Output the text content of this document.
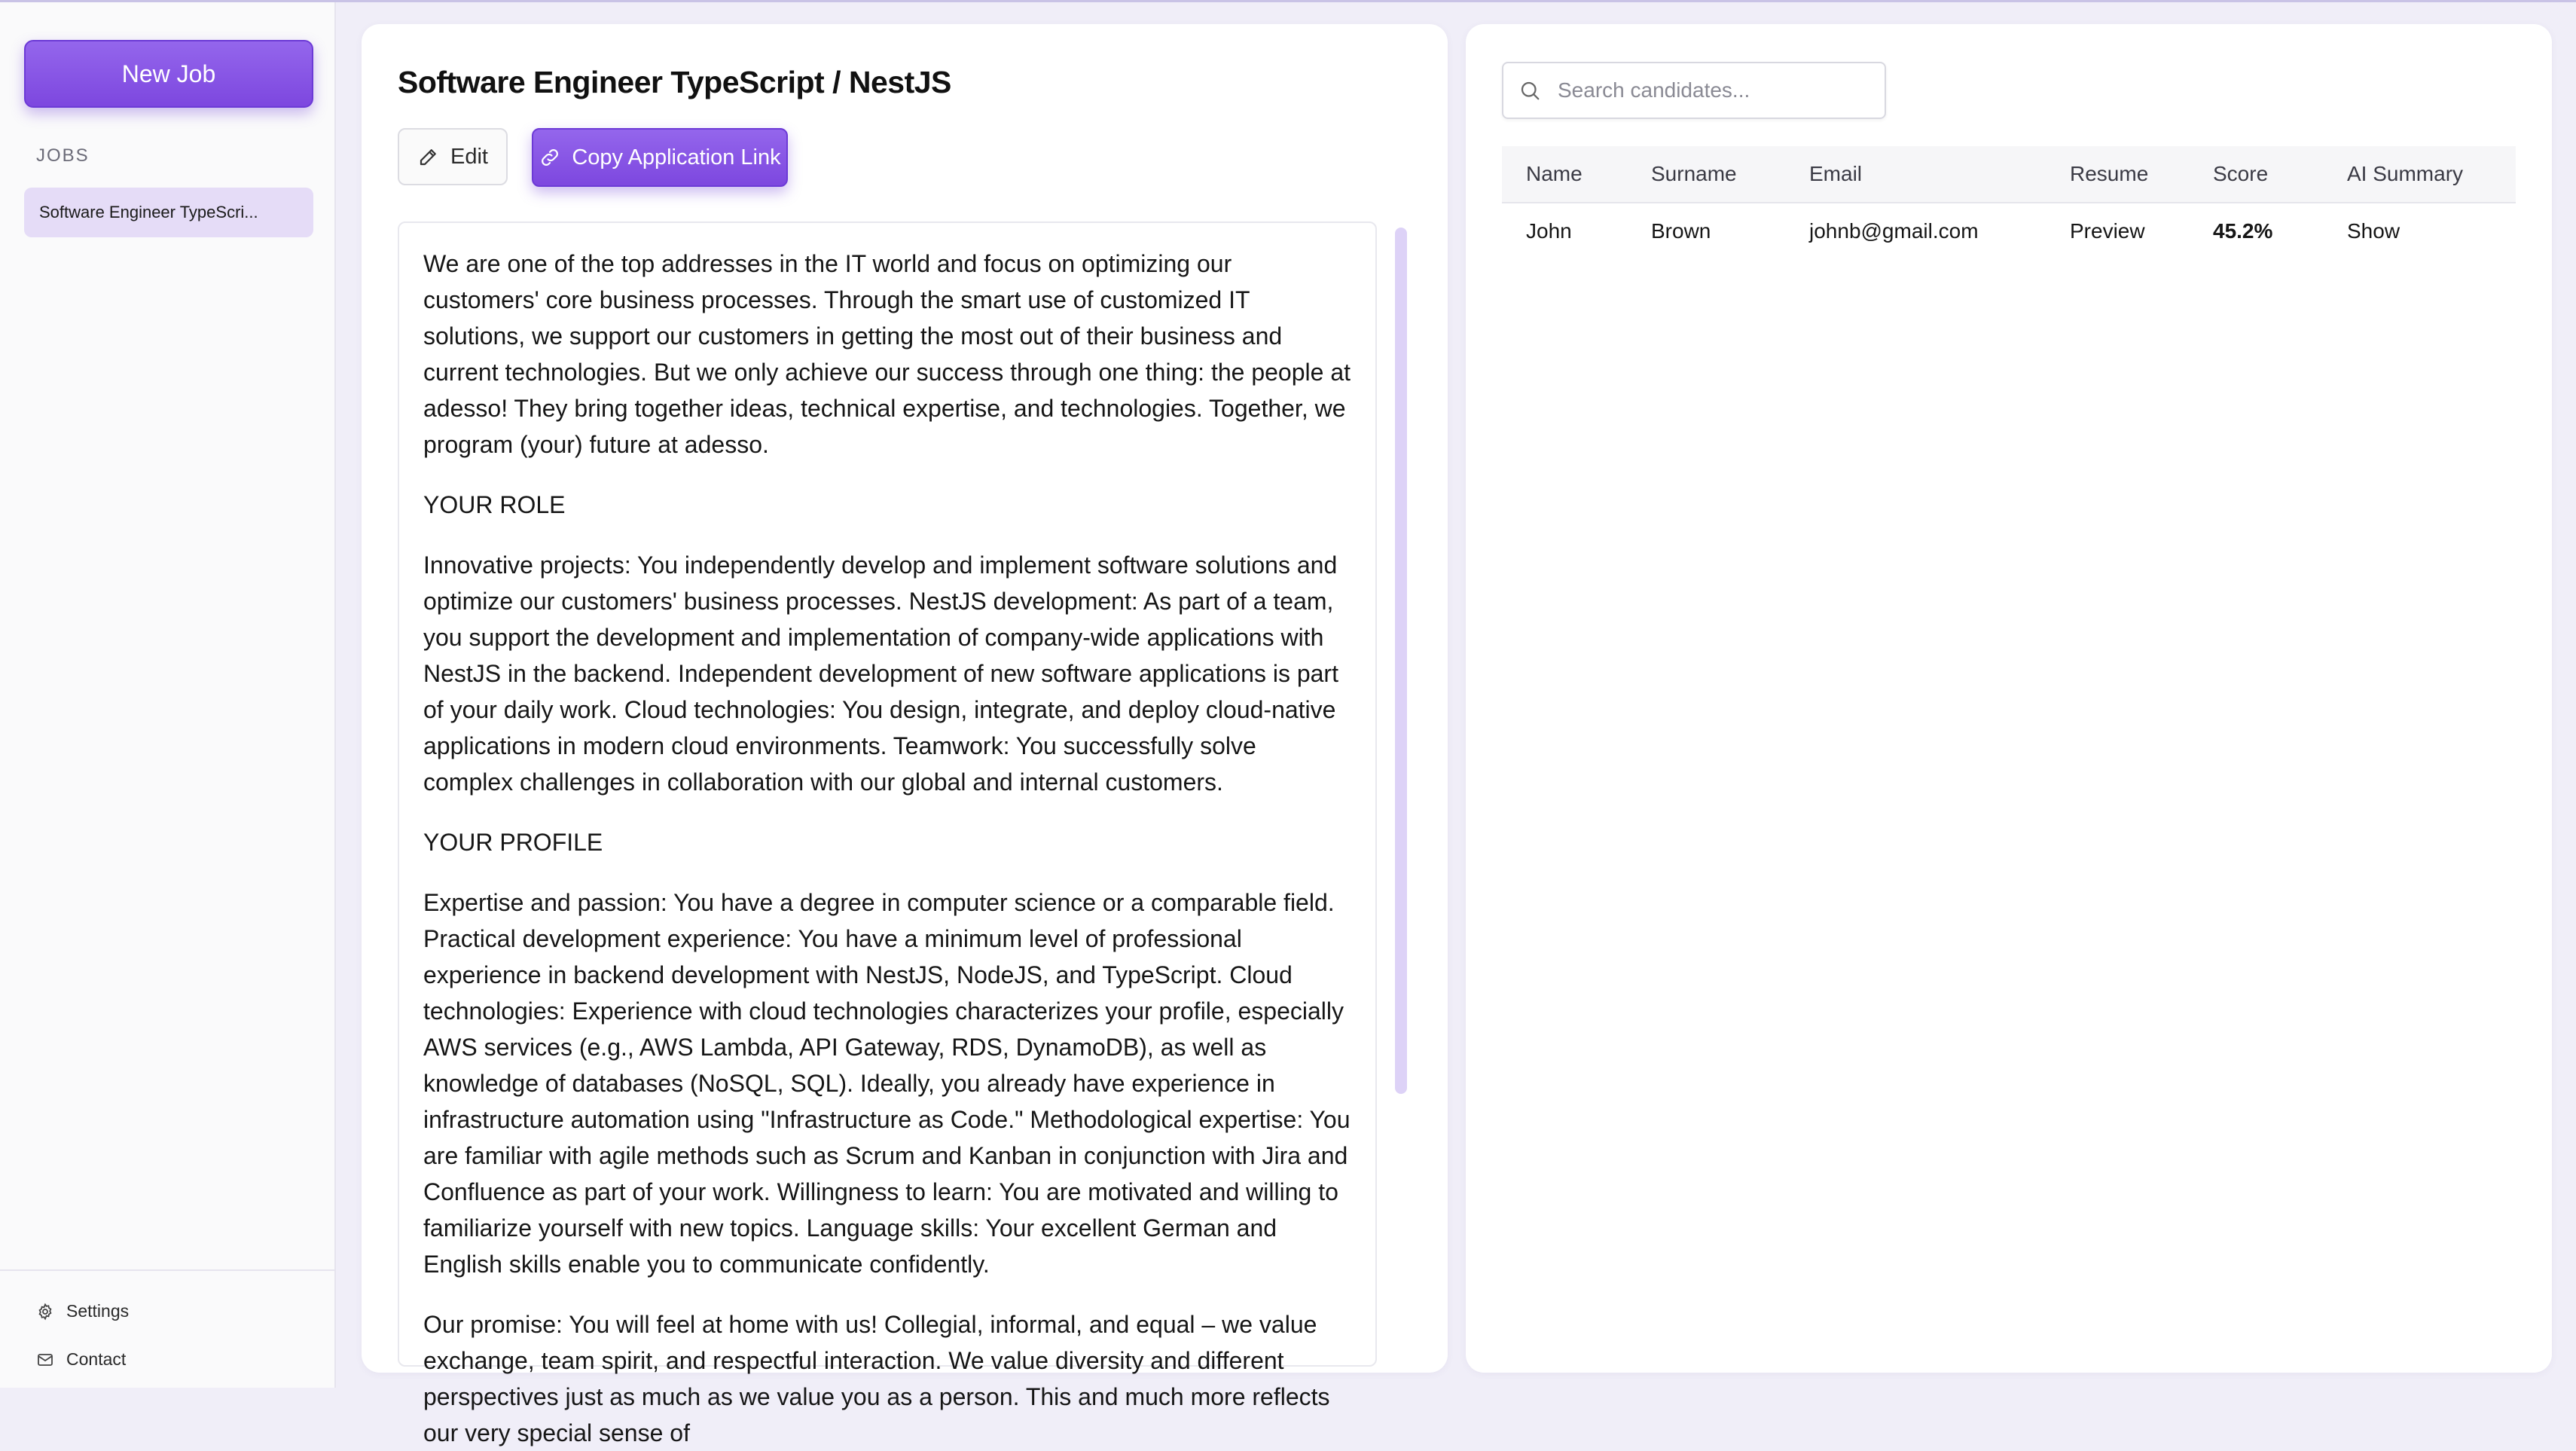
New Job
JOBS
Software Engineer TypeScri...
Settings
Contact
Software Engineer TypeScript / NestJS
Edit	Copy Application Link

We are one of the top addresses in the IT world and focus on optimizing our customers' core business processes. Through the smart use of customized IT solutions, we support our customers in getting the most out of their business and current technologies. But we only achieve our success through one thing: the people at adesso! They bring together ideas, technical expertise, and technologies. Together, we program (your) future at adesso.

YOUR ROLE

Innovative projects: You independently develop and implement software solutions and optimize our customers' business processes. NestJS development: As part of a team, you support the development and implementation of company-wide applications with NestJS in the backend. Independent development of new software applications is part of your daily work. Cloud technologies: You design, integrate, and deploy cloud-native applications in modern cloud environments. Teamwork: You successfully solve complex challenges in collaboration with our global and internal customers.

YOUR PROFILE

Expertise and passion: You have a degree in computer science or a comparable field. Practical development experience: You have a minimum level of professional experience in backend development with NestJS, NodeJS, and TypeScript. Cloud technologies: Experience with cloud technologies characterizes your profile, especially AWS services (e.g., AWS Lambda, API Gateway, RDS, DynamoDB), as well as knowledge of databases (NoSQL, SQL). Ideally, you already have experience in infrastructure automation using "Infrastructure as Code." Methodological expertise: You are familiar with agile methods such as Scrum and Kanban in conjunction with Jira and Confluence as part of your work. Willingness to learn: You are motivated and willing to familiarize yourself with new topics. Language skills: Your excellent German and English skills enable you to communicate confidently.

Our promise: You will feel at home with us! Collegial, informal, and equal – we value exchange, team spirit, and respectful interaction. We value diversity and different perspectives just as much as we value you as a person. This and much more reflects our very special sense of

Search candidates...
Name	Surname	Email	Resume	Score	AI Summary
John	Brown	johnb@gmail.com	Preview	45.2%	Show
